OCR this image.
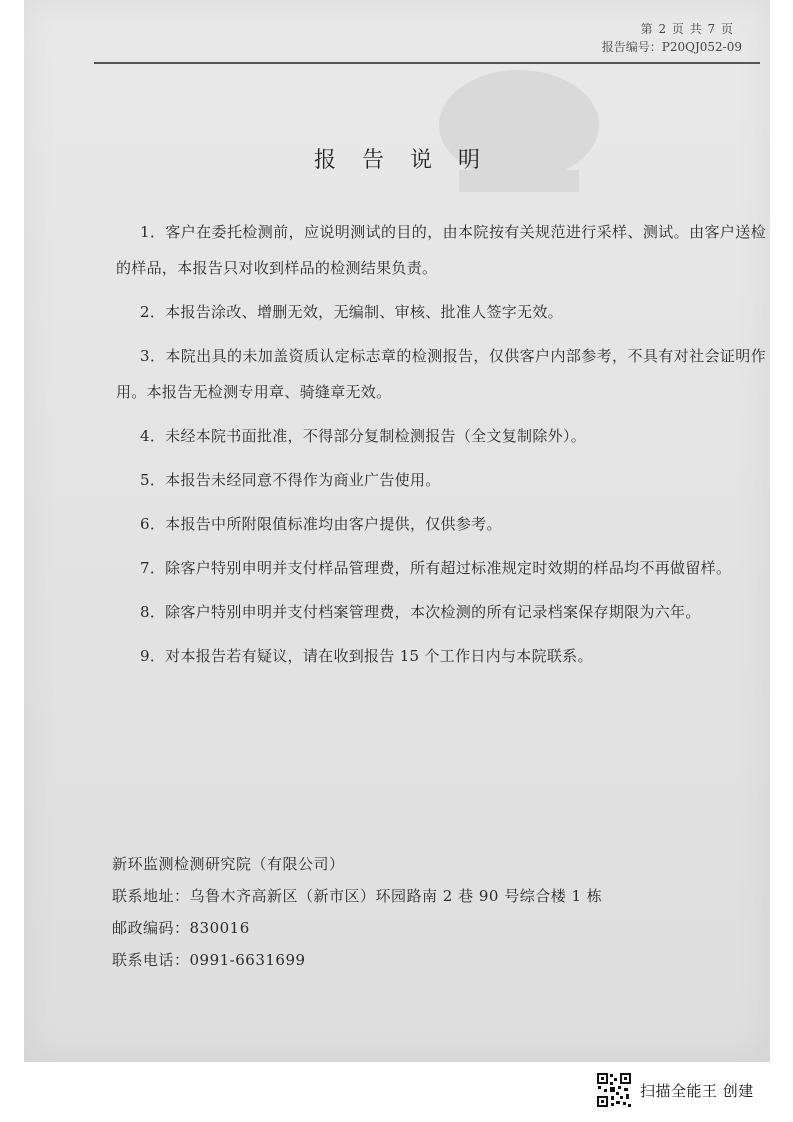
第 2 页 共 7 页
报告编号：P20QJ052-09
报告说明

1．客户在委托检测前，应说明测试的目的，由本院按有关规范进行采样、测试。由客户送检的样品，本报告只对收到样品的检测结果负责。

2．本报告涂改、增删无效，无编制、审核、批准人签字无效。

3．本院出具的未加盖资质认定标志章的检测报告，仅供客户内部参考，不具有对社会证明作用。本报告无检测专用章、骑缝章无效。

4．未经本院书面批准，不得部分复制检测报告（全文复制除外）。

5．本报告未经同意不得作为商业广告使用。

6．本报告中所附限值标准均由客户提供，仅供参考。

7．除客户特别申明并支付样品管理费，所有超过标准规定时效期的样品均不再做留样。

8．除客户特别申明并支付档案管理费，本次检测的所有记录档案保存期限为六年。

9．对本报告若有疑议，请在收到报告 15 个工作日内与本院联系。

新环监测检测研究院（有限公司）
联系地址：乌鲁木齐高新区（新市区）环园路南 2 巷 90 号综合楼 1 栋
邮政编码：830016
联系电话：0991-6631699
扫描全能王 创建
